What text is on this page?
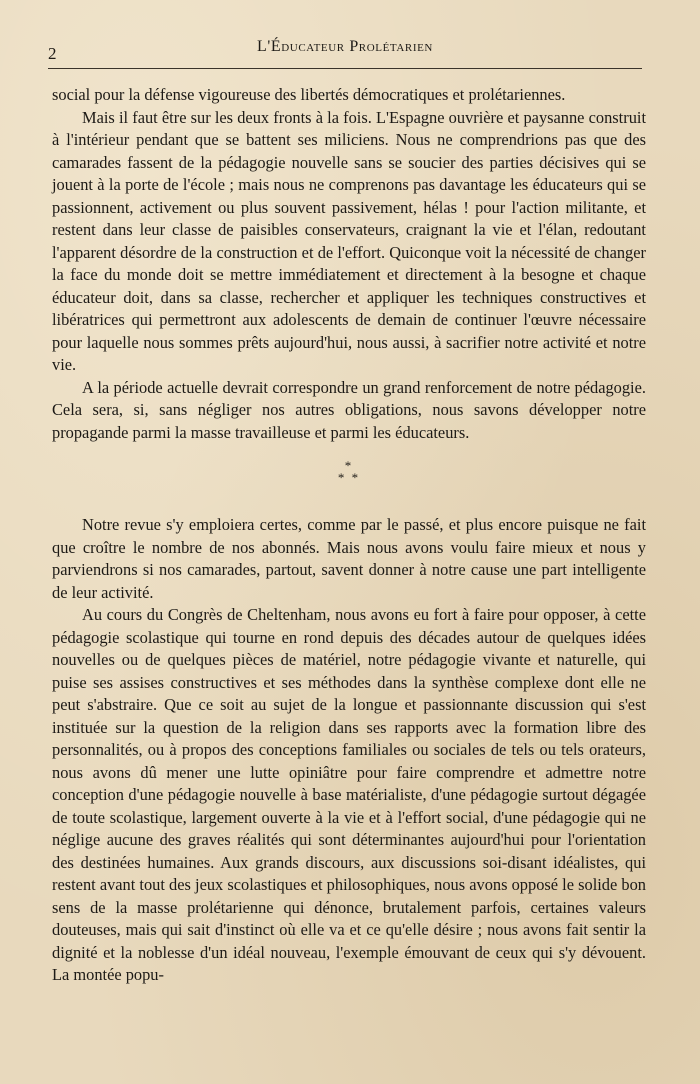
2	L'Éducateur Prolétarien

social pour la défense vigoureuse des libertés démocratiques et prolétariennes.

Mais il faut être sur les deux fronts à la fois. L'Espagne ouvrière et paysanne construit à l'intérieur pendant que se battent ses miliciens. Nous ne comprendrions pas que des camarades fassent de la pédagogie nouvelle sans se soucier des parties décisives qui se jouent à la porte de l'école ; mais nous ne comprenons pas davantage les éducateurs qui se passionnent, activement ou plus souvent passivement, hélas ! pour l'action militante, et restent dans leur classe de paisibles conservateurs, craignant la vie et l'élan, redoutant l'apparent désordre de la construction et de l'effort. Quiconque voit la nécessité de changer la face du monde doit se mettre immédiatement et directement à la besogne et chaque éducateur doit, dans sa classe, rechercher et appliquer les techniques constructives et libératrices qui permettront aux adolescents de demain de continuer l'œuvre nécessaire pour laquelle nous sommes prêts aujourd'hui, nous aussi, à sacrifier notre activité et notre vie.

A la période actuelle devrait correspondre un grand renforcement de notre pédagogie. Cela sera, si, sans négliger nos autres obligations, nous savons développer notre propagande parmi la masse travailleuse et parmi les éducateurs.

*
* *

Notre revue s'y emploiera certes, comme par le passé, et plus encore puisque ne fait que croître le nombre de nos abonnés. Mais nous avons voulu faire mieux et nous y parviendrons si nos camarades, partout, savent donner à notre cause une part intelligente de leur activité.

Au cours du Congrès de Cheltenham, nous avons eu fort à faire pour opposer, à cette pédagogie scolastique qui tourne en rond depuis des décades autour de quelques idées nouvelles ou de quelques pièces de matériel, notre pédagogie vivante et naturelle, qui puise ses assises constructives et ses méthodes dans la synthèse complexe dont elle ne peut s'abstraire. Que ce soit au sujet de la longue et passionnante discussion qui s'est instituée sur la question de la religion dans ses rapports avec la formation libre des personnalités, ou à propos des conceptions familiales ou sociales de tels ou tels orateurs, nous avons dû mener une lutte opiniâtre pour faire comprendre et admettre notre conception d'une pédagogie nouvelle à base matérialiste, d'une pédagogie surtout dégagée de toute scolastique, largement ouverte à la vie et à l'effort social, d'une pédagogie qui ne néglige aucune des graves réalités qui sont déterminantes aujourd'hui pour l'orientation des destinées humaines. Aux grands discours, aux discussions soi-disant idéalistes, qui restent avant tout des jeux scolastiques et philosophiques, nous avons opposé le solide bon sens de la masse prolétarienne qui dénonce, brutalement parfois, certaines valeurs douteuses, mais qui sait d'instinct où elle va et ce qu'elle désire ; nous avons fait sentir la dignité et la noblesse d'un idéal nouveau, l'exemple émouvant de ceux qui s'y dévouent. La montée popu-
